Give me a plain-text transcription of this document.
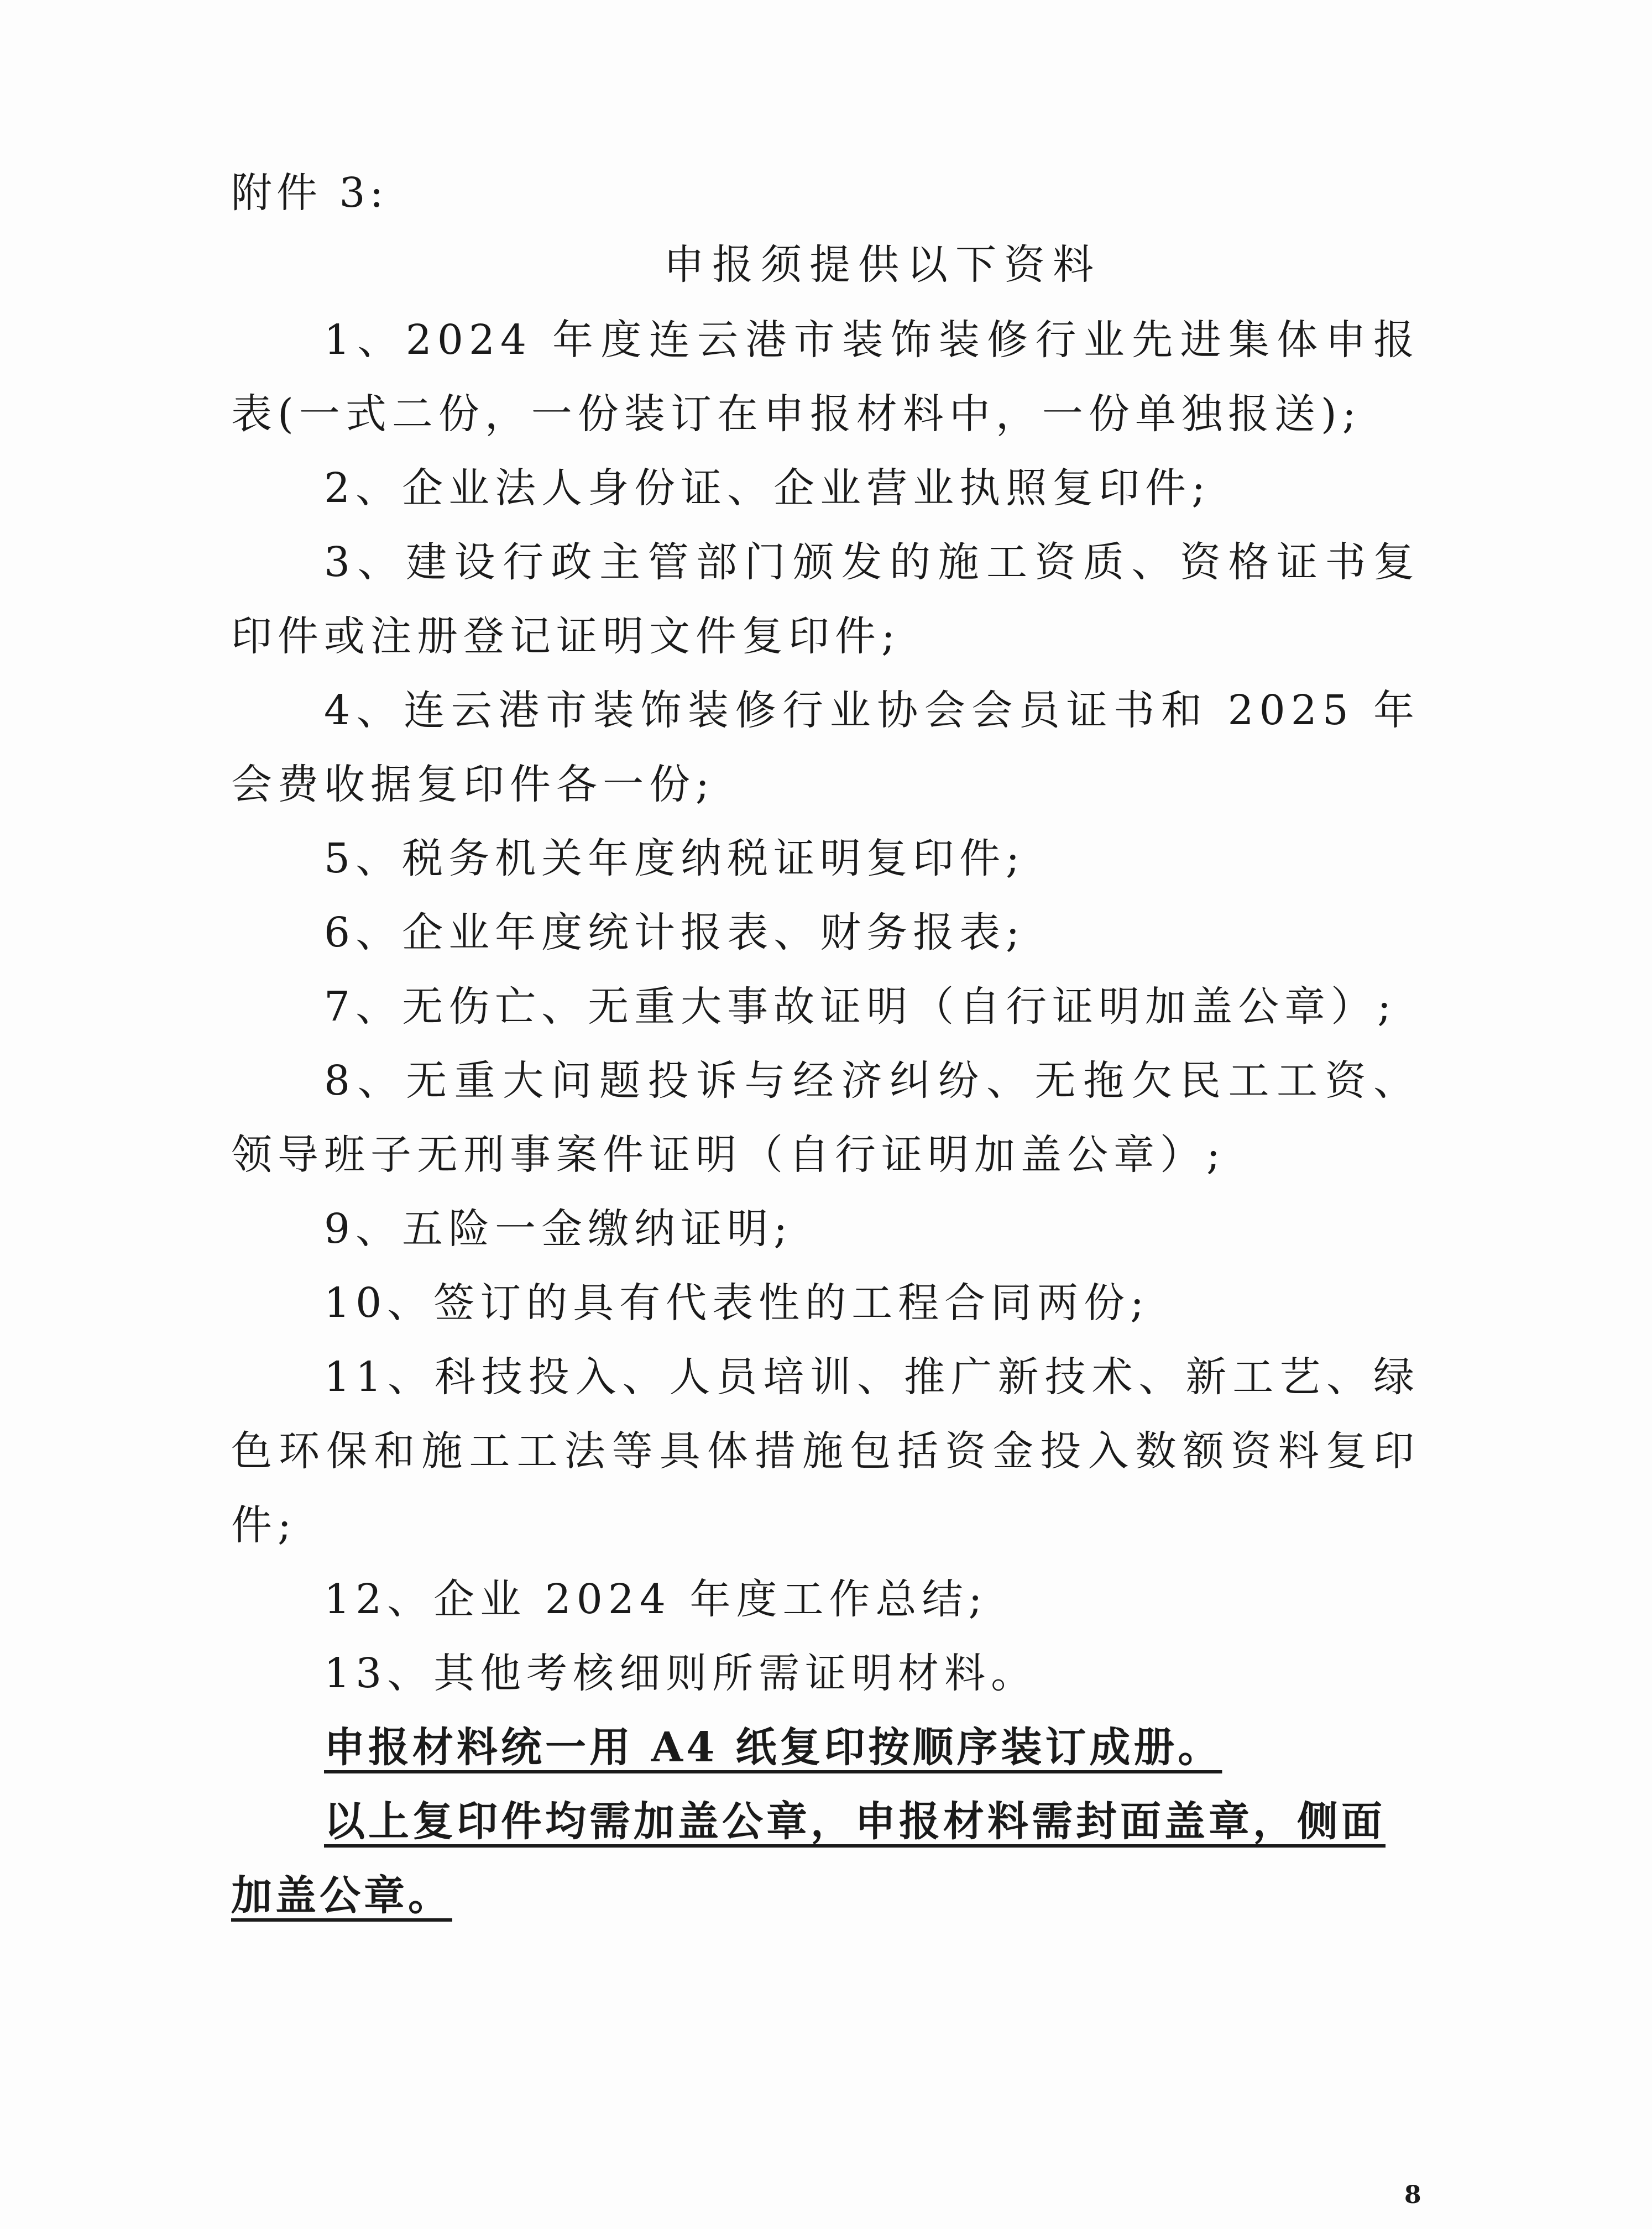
附件 3:
申报须提供以下资料

1、2024 年度连云港市装饰装修行业先进集体申报表(一式二份，一份装订在申报材料中，一份单独报送);

2、企业法人身份证、企业营业执照复印件;

3、建设行政主管部门颁发的施工资质、资格证书复印件或注册登记证明文件复印件;

4、连云港市装饰装修行业协会会员证书和 2025 年会费收据复印件各一份;

5、税务机关年度纳税证明复印件;

6、企业年度统计报表、财务报表;

7、无伤亡、无重大事故证明（自行证明加盖公章）;

8、无重大问题投诉与经济纠纷、无拖欠民工工资、领导班子无刑事案件证明（自行证明加盖公章）;

9、五险一金缴纳证明;

10、签订的具有代表性的工程合同两份;

11、科技投入、人员培训、推广新技术、新工艺、绿色环保和施工工法等具体措施包括资金投入数额资料复印件;

12、企业 2024 年度工作总结;

13、其他考核细则所需证明材料。

申报材料统一用 A4 纸复印按顺序装订成册。

以上复印件均需加盖公章，申报材料需封面盖章，侧面加盖公章。

8
